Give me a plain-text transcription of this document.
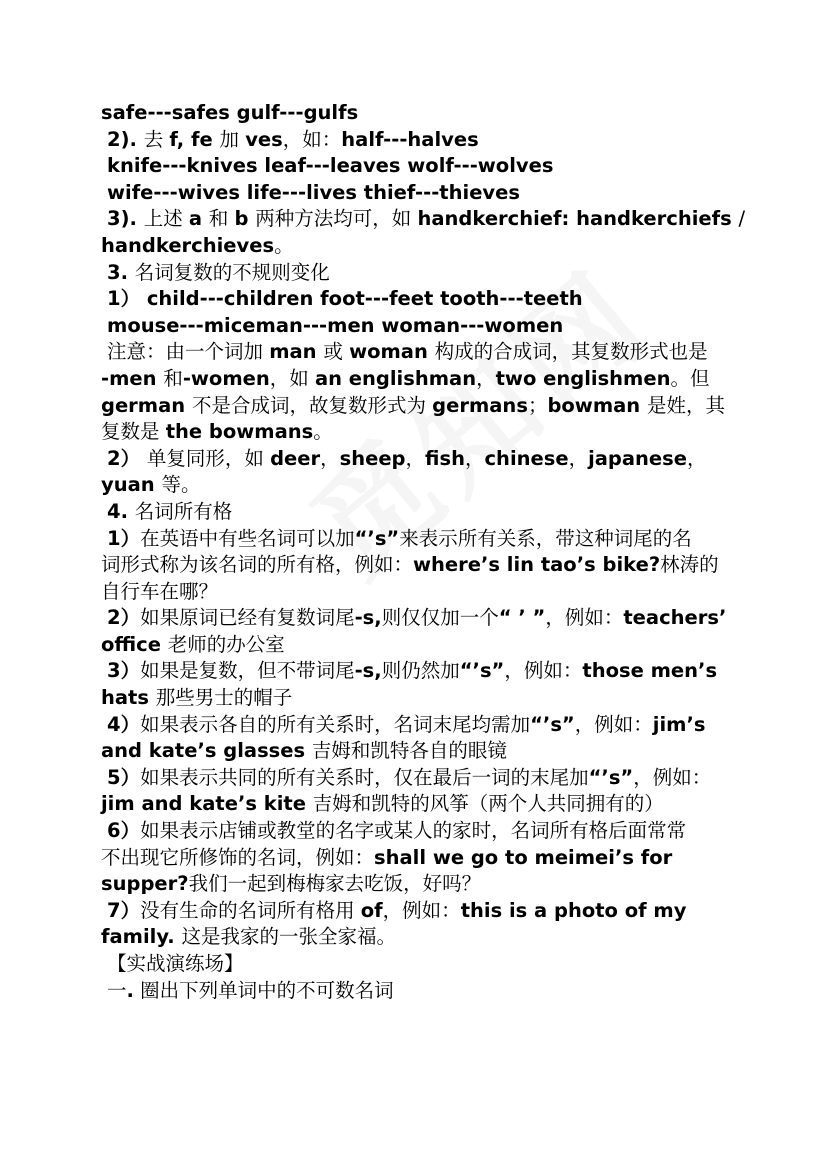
safe---safes gulf---gulfs
2). 去 f, fe 加 ves，如：half---halves
knife---knives leaf---leaves wolf---wolves
wife---wives life---lives thief---thieves
3). 上述 a 和 b 两种方法均可，如 handkerchief: handkerchiefs /
handkerchieves。
3. 名词复数的不规则变化
1） child---children foot---feet tooth---teeth
mouse---miceman---men woman---women
注意：由一个词加 man 或 woman 构成的合成词，其复数形式也是
-men 和-women，如 an englishman，two englishmen。但
german 不是合成词，故复数形式为 germans；bowman 是姓，其
复数是 the bowmans。
2） 单复同形，如 deer，sheep，fish，chinese，japanese，
yuan 等。
4. 名词所有格
1）在英语中有些名词可以加“’s”来表示所有关系，带这种词尾的名
词形式称为该名词的所有格，例如：where’s lin tao’s bike?林涛的
自行车在哪？
2）如果原词已经有复数词尾-s,则仅仅加一个“ ’ ”，例如：teachers’
office 老师的办公室
3）如果是复数，但不带词尾-s,则仍然加“’s”，例如：those men’s
hats 那些男士的帽子
4）如果表示各自的所有关系时，名词末尾均需加“’s”，例如：jim’s
and kate’s glasses 吉姆和凯特各自的眼镜
5）如果表示共同的所有关系时，仅在最后一词的末尾加“’s”，例如：
jim and kate’s kite 吉姆和凯特的风筝（两个人共同拥有的）
6）如果表示店铺或教堂的名字或某人的家时，名词所有格后面常常
不出现它所修饰的名词，例如：shall we go to meimei’s for
supper?我们一起到梅梅家去吃饭，好吗？
7）没有生命的名词所有格用 of，例如：this is a photo of my
family. 这是我家的一张全家福。
【实战演练场】
一. 圈出下列单词中的不可数名词
